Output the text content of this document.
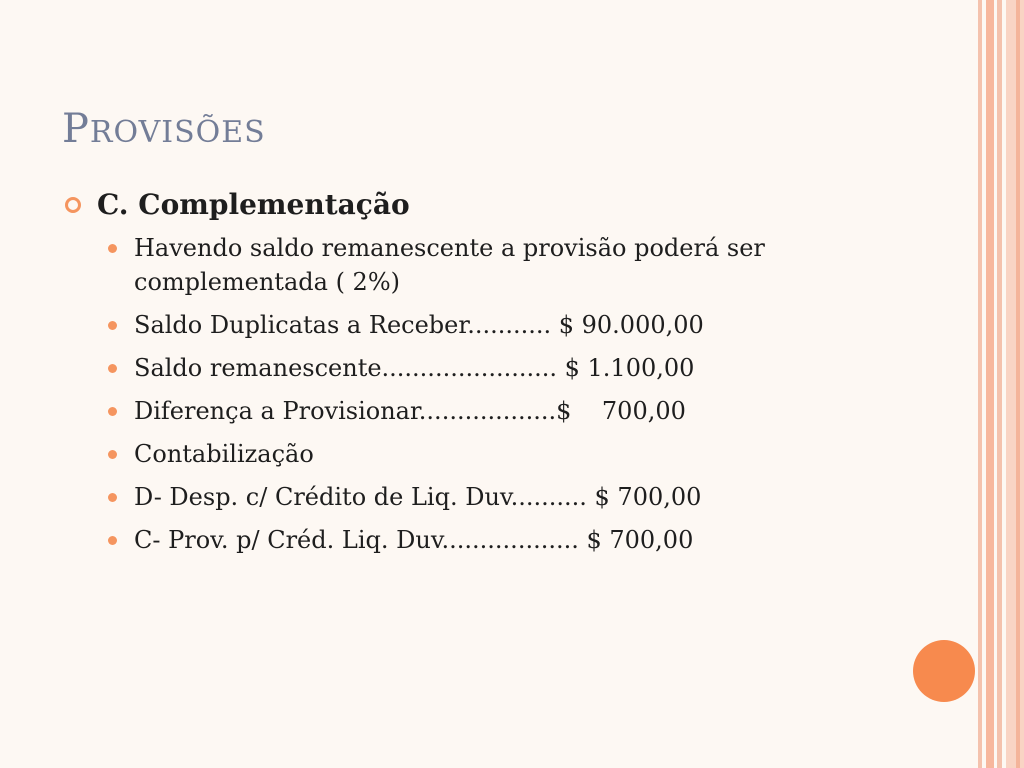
PROVISÕES
C. Complementação
Havendo saldo remanescente a provisão poderá ser complementada ( 2%)
Saldo Duplicatas a Receber........... $ 90.000,00
Saldo remanescente....................... $ 1.100,00
Diferença a Provisionar..................$    700,00
Contabilização
D- Desp. c/ Crédito de Liq. Duv.......... $ 700,00
C- Prov. p/ Créd. Liq. Duv.................. $ 700,00
